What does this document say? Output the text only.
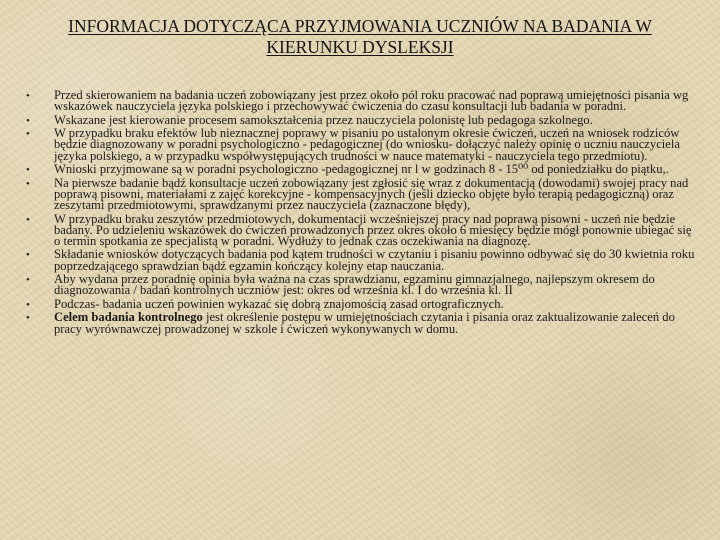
INFORMACJA DOTYCZĄCA PRZYJMOWANIA UCZNIÓW NA BADANIA W KIERUNKU DYSLEKSJI
• Przed skierowaniem na badania uczeń zobowiązany jest przez około pól roku pracować nad poprawą umiejętności pisania wg wskazówek nauczyciela języka polskiego i przechowywać ćwiczenia do czasu konsultacji lub badania w poradni.
• Wskazane jest kierowanie procesem samokształcenia przez nauczyciela polonistę lub pedagoga szkolnego.
• W przypadku braku efektów lub nieznacznej poprawy w pisaniu po ustalonym okresie ćwiczeń, uczeń na wniosek rodziców będzie diagnozowany w poradni psychologiczno - pedagogicznej (do wniosku- dołączyć należy opinię o uczniu nauczyciela języka polskiego, a w przypadku współwystępujących trudności w nauce matematyki - nauczyciela tego przedmiotu).
• Wnioski przyjmowane są w poradni psychologiczno -pedagogicznej nr l w godzinach 8 - 15⁰⁰ od poniedziałku do piątku,.
• Na pierwsze badanie bądź konsultacje uczeń zobowiązany jest zgłosić się wraz z dokumentacją (dowodami) swojej pracy nad poprawą pisowni, materiałami z zajęć korekcyjne - kompensacyjnych (jeśli dziecko objęte było terapią pedagogiczną) oraz zeszytami przedmiotowymi, sprawdzanymi przez nauczyciela (zaznaczone błędy),
• W przypadku braku zeszytów przedmiotowych, dokumentacji wcześniejszej pracy nad poprawą pisowni - uczeń nie będzie badany. Po udzieleniu wskazówek do ćwiczeń prowadzonych przez okres około 6 miesięcy będzie mógł ponownie ubiegać się o termin spotkania ze specjalistą w poradni. Wydłuży to jednak czas oczekiwania na diagnozę.
• Składanie wniosków dotyczących badania pod kątem trudności w czytaniu i pisaniu powinno odbywać się do 30 kwietnia roku poprzedzającego sprawdzian bądź egzamin kończący kolejny etap nauczania.
• Aby wydana przez poradnię opinia była ważna na czas sprawdzianu, egzaminu gimnazjalnego, najlepszym okresem do diagnozowania / badań kontrolnych uczniów jest: okres od września kl. I do września kl. II
• Podczas- badania uczeń powinien wykazać się dobrą znajomością zasad ortograficznych.
• Celem badania kontrolnego jest określenie postępu w umiejętnościach czytania i pisania oraz zaktualizowanie zaleceń do pracy wyrównawczej prowadzonej w szkole i ćwiczeń wykonywanych w domu.
